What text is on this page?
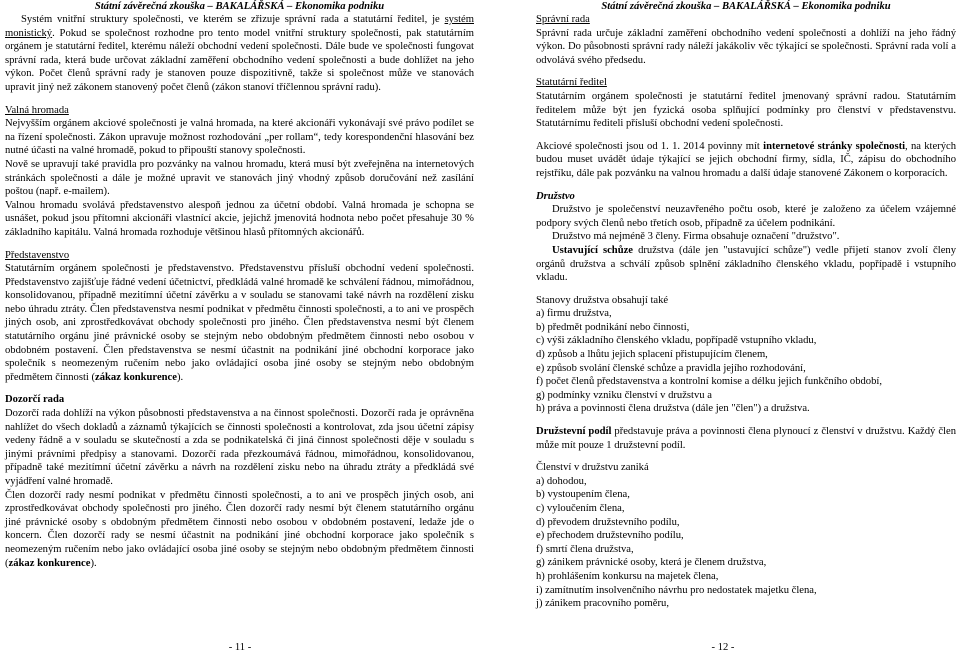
Státní závěrečná zkouška – BAKALÁŘSKÁ – Ekonomika podniku

Systém vnitřní struktury společnosti, ve kterém se zřizuje správní rada a statutární ředitel, je systém monistický. Pokud se společnost rozhodne pro tento model vnitřní struktury společnosti, pak statutárním orgánem je statutární ředitel, kterému náleží obchodní vedení společnosti. Dále bude ve společnosti fungovat správní rada, která bude určovat základní zaměření obchodního vedení společnosti a bude dohlížet na jeho výkon. Počet členů správní rady je stanoven pouze dispozitivně, takže si společnost může ve stanovách upravit jiný než zákonem stanovený počet členů (zákon stanoví tříčlennou správní radu).

Valná hromada

Nejvyšším orgánem akciové společnosti je valná hromada, na které akcionáři vykonávají své právo podílet se na řízení společnosti. Zákon upravuje možnost rozhodování „per rollam“, tedy korespondenční hlasování bez nutné účasti na valné hromadě, pokud to připouští stanovy společnosti.

Nově se upravují také pravidla pro pozvánky na valnou hromadu, která musí být zveřejněna na internetových stránkách společnosti a dále je možné upravit ve stanovách jiný vhodný způsob doručování než zasílání poštou (např. e-mailem).

Valnou hromadu svolává představenstvo alespoň jednou za účetní období. Valná hromada je schopna se usnášet, pokud jsou přítomni akcionáři vlastnící akcie, jejichž jmenovitá hodnota nebo počet přesahuje 30 % základního kapitálu. Valná hromada rozhoduje většinou hlasů přítomných akcionářů.

Představenstvo

Statutárním orgánem společnosti je představenstvo. Představenstvu přísluší obchodní vedení společnosti. Představenstvo zajišťuje řádné vedení účetnictví, předkládá valné hromadě ke schválení řádnou, mimořádnou, konsolidovanou, případně mezitímní účetní závěrku a v souladu se stanovami také návrh na rozdělení zisku nebo úhradu ztráty. Člen představenstva nesmí podnikat v předmětu činnosti společnosti, a to ani ve prospěch jiných osob, ani zprostředkovávat obchody společnosti pro jiného. Člen představenstva nesmí být členem statutárního orgánu jiné právnické osoby se stejným nebo obdobným předmětem činnosti nebo osobou v obdobném postavení. Člen představenstva se nesmí účastnit na podnikání jiné obchodní korporace jako společník s neomezeným ručením nebo jako ovládající osoba jiné osoby se stejným nebo obdobným předmětem činnosti (zákaz konkurence).

Dozorčí rada

Dozorčí rada dohlíží na výkon působnosti představenstva a na činnost společnosti. Dozorčí rada je oprávněna nahlížet do všech dokladů a záznamů týkajících se činnosti společnosti a kontrolovat, zda jsou účetní zápisy vedeny řádně a v souladu se skutečností a zda se podnikatelská či jiná činnost společnosti děje v souladu s jinými právními předpisy a stanovami. Dozorčí rada přezkoumává řádnou, mimořádnou, konsolidovanou, případně také mezitímní účetní závěrku a návrh na rozdělení zisku nebo na úhradu ztráty a předkládá své vyjádření valné hromadě.

Člen dozorčí rady nesmí podnikat v předmětu činnosti společnosti, a to ani ve prospěch jiných osob, ani zprostředkovávat obchody společnosti pro jiného. Člen dozorčí rady nesmí být členem statutárního orgánu jiné právnické osoby s obdobným předmětem činnosti nebo osobou v obdobném postavení, ledaže jde o koncern. Člen dozorčí rady se nesmí účastnit na podnikání jiné obchodní korporace jako společník s neomezeným ručením nebo jako ovládající osoba jiné osoby se stejným nebo obdobným předmětem činnosti (zákaz konkurence).

- 11 -
Státní závěrečná zkouška – BAKALÁŘSKÁ – Ekonomika podniku

Správní rada

Správní rada určuje základní zaměření obchodního vedení společnosti a dohlíží na jeho řádný výkon. Do působnosti správní rady náleží jakákoliv věc týkající se společnosti. Správní rada volí a odvolává svého předsedu.

Statutární ředitel

Statutárním orgánem společnosti je statutární ředitel jmenovaný správní radou. Statutárním ředitelem může být jen fyzická osoba splňující podmínky pro členství v představenstvu. Statutárnímu řediteli přísluší obchodní vedení společnosti.

Akciové společnosti jsou od 1. 1. 2014 povinny mít internetové stránky společnosti, na kterých budou muset uvádět údaje týkající se jejich obchodní firmy, sídla, IČ, zápisu do obchodního rejstříku, dále pak pozvánku na valnou hromadu a další údaje stanovené Zákonem o korporacích.

Družstvo

Družstvo je společenství neuzavřeného počtu osob, které je založeno za účelem vzájemné podpory svých členů nebo třetích osob, případně za účelem podnikání.

Družstvo má nejméně 3 členy. Firma obsahuje označení "družstvo".

Ustavující schůze družstva (dále jen "ustavující schůze") vedle přijetí stanov zvolí členy orgánů družstva a schválí způsob splnění základního členského vkladu, popřípadě i vstupního vkladu.

Stanovy družstva obsahují také

a) firmu družstva,

b) předmět podnikání nebo činnosti,

c) výši základního členského vkladu, popřípadě vstupního vkladu,

d) způsob a lhůtu jejich splacení přistupujícím členem,

e) způsob svolání členské schůze a pravidla jejího rozhodování,

f) počet členů představenstva a kontrolní komise a délku jejich funkčního období,

g) podmínky vzniku členství v družstvu a

h) práva a povinnosti člena družstva (dále jen "člen") a družstva.

Družstevní podíl představuje práva a povinnosti člena plynoucí z členství v družstvu. Každý člen může mít pouze 1 družstevní podíl.

Členství v družstvu zaniká

a) dohodou,

b) vystoupením člena,

c) vyloučením člena,

d) převodem družstevního podílu,

e) přechodem družstevního podílu,

f) smrtí člena družstva,

g) zánikem právnické osoby, která je členem družstva,

h) prohlášením konkursu na majetek člena,

i) zamítnutím insolvenčního návrhu pro nedostatek majetku člena,

j) zánikem pracovního poměru,

- 12 -
